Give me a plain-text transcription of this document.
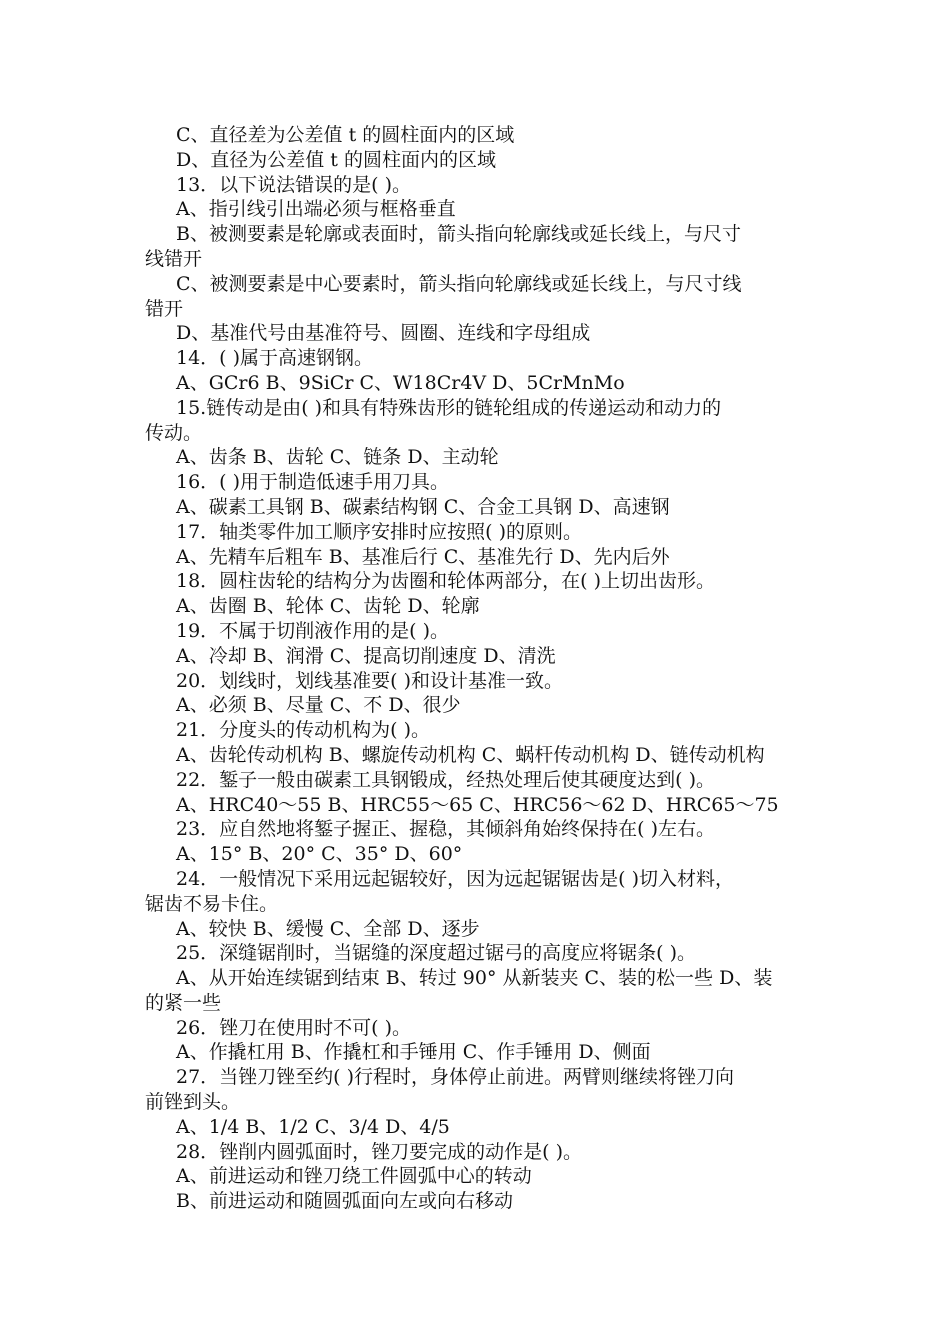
C、直径差为公差值 t 的圆柱面内的区域
D、直径为公差值 t 的圆柱面内的区域
13．以下说法错误的是( )。
A、指引线引出端必须与框格垂直
B、被测要素是轮廓或表面时，箭头指向轮廓线或延长线上，与尺寸
线错开
C、被测要素是中心要素时，箭头指向轮廓线或延长线上，与尺寸线
错开
D、基准代号由基准符号、圆圈、连线和字母组成
14．( )属于高速钢钢。
A、GCr6 B、9SiCr C、W18Cr4V D、5CrMnMo
15.链传动是由( )和具有特殊齿形的链轮组成的传递运动和动力的
传动。
A、齿条 B、齿轮 C、链条 D、主动轮
16．( )用于制造低速手用刀具。
A、碳素工具钢 B、碳素结构钢 C、合金工具钢 D、高速钢
17．轴类零件加工顺序安排时应按照( )的原则。
A、先精车后粗车 B、基准后行 C、基准先行 D、先内后外
18．圆柱齿轮的结构分为齿圈和轮体两部分，在( )上切出齿形。
A、齿圈 B、轮体 C、齿轮 D、轮廓
19．不属于切削液作用的是( )。
A、冷却 B、润滑 C、提高切削速度 D、清洗
20．划线时，划线基准要( )和设计基准一致。
A、必须 B、尽量 C、不 D、很少
21．分度头的传动机构为( )。
A、齿轮传动机构 B、螺旋传动机构 C、蜗杆传动机构 D、链传动机构
22．錾子一般由碳素工具钢锻成，经热处理后使其硬度达到( )。
A、HRC40～55 B、HRC55～65 C、HRC56～62 D、HRC65～75
23．应自然地将錾子握正、握稳，其倾斜角始终保持在( )左右。
A、15° B、20° C、35° D、60°
24．一般情况下采用远起锯较好，因为远起锯锯齿是( )切入材料，
锯齿不易卡住。
A、较快 B、缓慢 C、全部 D、逐步
25．深缝锯削时，当锯缝的深度超过锯弓的高度应将锯条( )。
A、从开始连续锯到结束 B、转过 90° 从新装夹 C、装的松一些 D、装
的紧一些
26．锉刀在使用时不可( )。
A、作撬杠用 B、作撬杠和手锤用 C、作手锤用 D、侧面
27．当锉刀锉至约( )行程时，身体停止前进。两臂则继续将锉刀向
前锉到头。
A、1/4 B、1/2 C、3/4 D、4/5
28．锉削内圆弧面时，锉刀要完成的动作是( )。
A、前进运动和锉刀绕工件圆弧中心的转动
B、前进运动和随圆弧面向左或向右移动
